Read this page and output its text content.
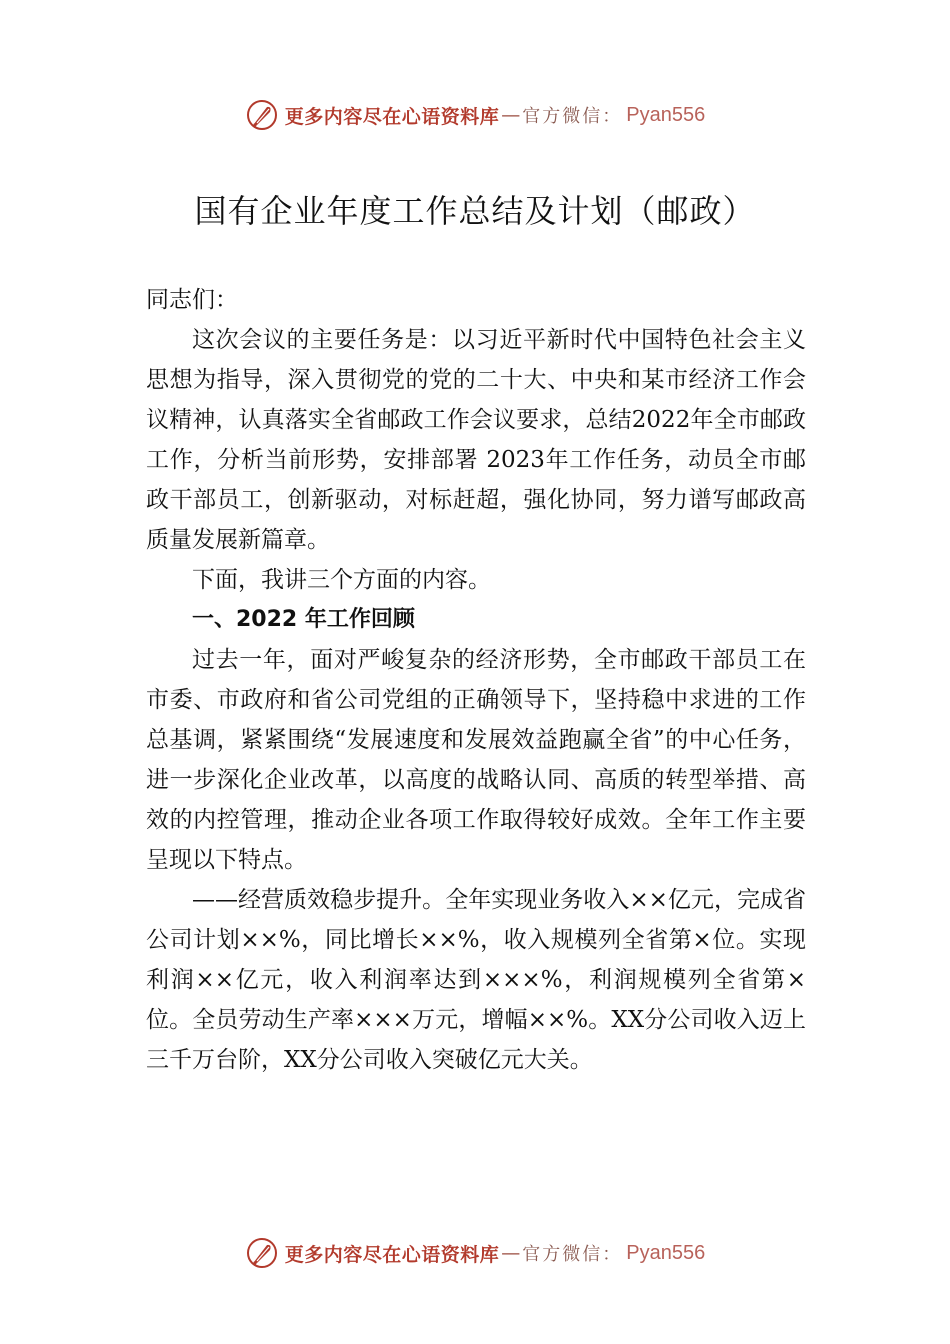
更多内容尽在心语资料库 — 官方微信： Pyan556
国有企业年度工作总结及计划（邮政）

同志们：

这次会议的主要任务是：以习近平新时代中国特色社会主义思想为指导，深入贯彻党的党的二十大、中央和某市经济工作会议精神，认真落实全省邮政工作会议要求，总结2022年全市邮政工作，分析当前形势，安排部署 2023年工作任务，动员全市邮政干部员工，创新驱动，对标赶超，强化协同，努力谱写邮政高质量发展新篇章。

下面，我讲三个方面的内容。

一、2022 年工作回顾

过去一年，面对严峻复杂的经济形势，全市邮政干部员工在市委、市政府和省公司党组的正确领导下，坚持稳中求进的工作总基调，紧紧围绕“发展速度和发展效益跑赢全省”的中心任务，进一步深化企业改革，以高度的战略认同、高质的转型举措、高效的内控管理，推动企业各项工作取得较好成效。全年工作主要呈现以下特点。

——经营质效稳步提升。全年实现业务收入××亿元，完成省公司计划××%，同比增长××%，收入规模列全省第×位。实现利润××亿元，收入利润率达到×××%，利润规模列全省第×位。全员劳动生产率×××万元，增幅××%。XX分公司收入迈上三千万台阶，XX分公司收入突破亿元大关。

更多内容尽在心语资料库 — 官方微信： Pyan556
